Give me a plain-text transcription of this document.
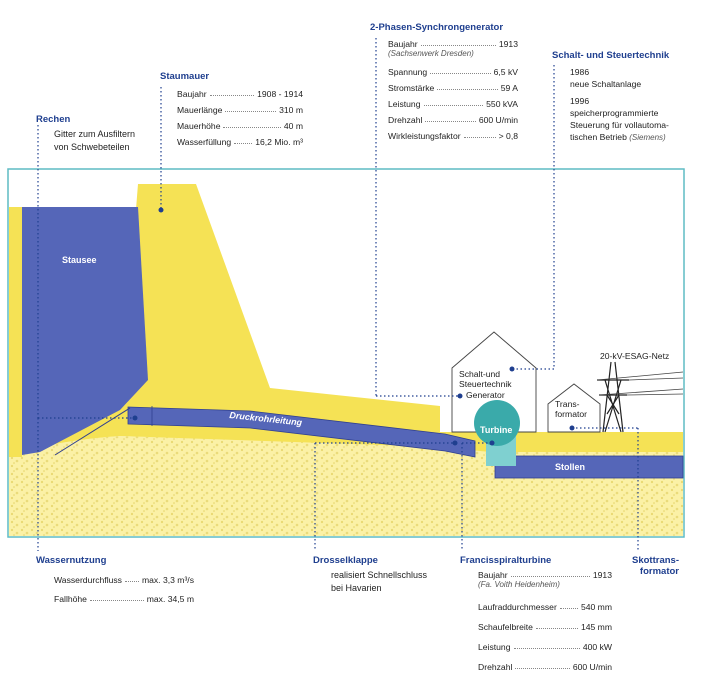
Stausee
Druckrohrleitung
Turbine
Stollen
Schalt-und
Steuertechnik
Generator
Trans-
formator
20-kV-ESAG-Netz
Rechen
Gitter zum Ausfiltern
von Schwebeteilen
Staumauer
Baujahr	1908 - 1914
Mauerlänge	310 m
Mauerhöhe	40 m
Wasserfüllung	16,2 Mio. m³
2-Phasen-Synchrongenerator
Baujahr	1913
(Sachsenwerk Dresden)
Spannung	6,5 kV
Stromstärke	59 A
Leistung	550 kVA
Drehzahl	600 U/min
Wirkleistungsfaktor	> 0,8
Schalt- und Steuertechnik
1986
neue Schaltanlage
1996
speicherprogrammierte
Steuerung für vollautoma-
tischen Betrieb (Siemens)
Wassernutzung
Wasserdurchfluss max. 3,3 m³/s
Fallhöhe	max. 34,5 m
Drosselklappe
realisiert Schnellschluss
bei Havarien
Francisspiralturbine
Baujahr	1913
(Fa. Voith Heidenheim)
Laufraddurchmesser	540 mm
Schaufelbreite	145 mm
Leistung	400 kW
Drehzahl	600 U/min
Skottrans-
formator
